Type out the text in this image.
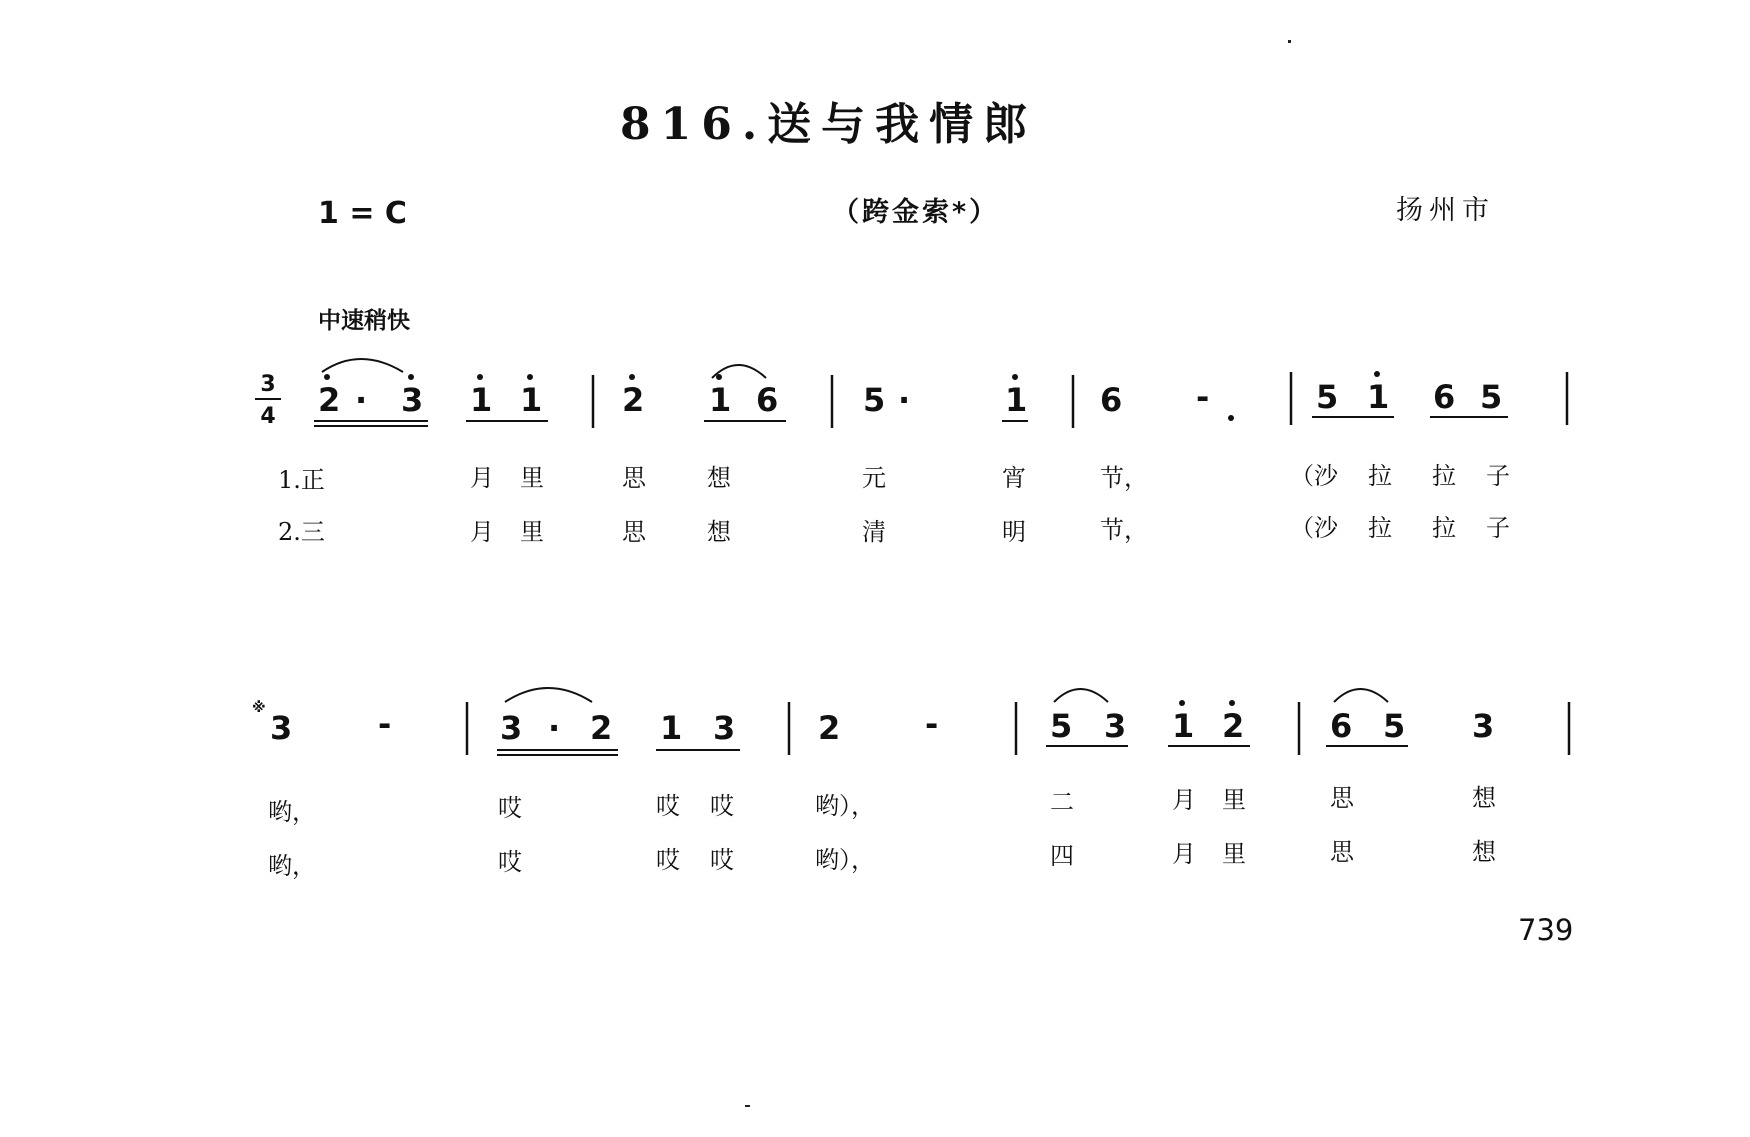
816.送与我情郎
1 = C	（跨金索*）	扬州市
中速稍快
3
4 2 · 3 1 1 2 1 6	5 ·	1 6 -	5 1 6 5
1.正	月 里	思	想	元	宵	节，	（沙 拉 拉 子
2.三	月 里	思	想	清	明	节，	（沙 拉 拉 子
※
3	-	3 · 2 1 3	2	-	5 3 1 2	6 5 3
哟，	哎	哎 哎	哟），	二	月 里	思	想
哟，	哎	哎 哎	哟），	四	月 里	思	想
739
